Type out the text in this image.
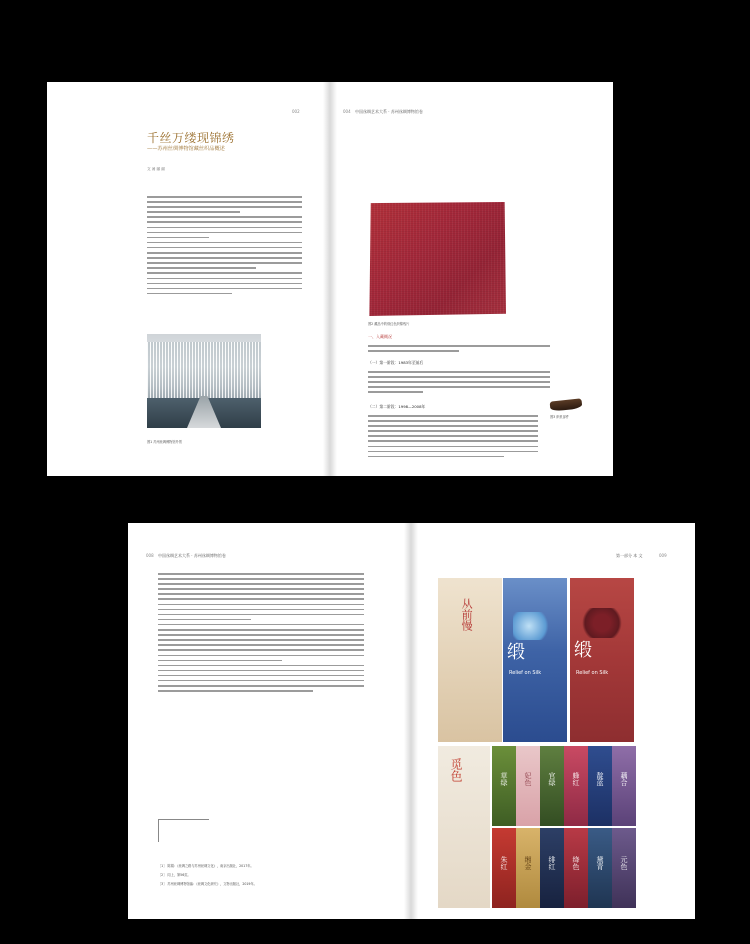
002
千丝万缕现锦绣
——苏州丝绸博物馆藏丝织品概述
文 汤 丽 丽
图1 苏州丝绸博物馆外景
004 中国丝绸艺术大系 · 苏州丝绸博物馆卷
图2 藏品中的绯红色织锦残片
一、入藏概况
（一）第一阶段：1983年至前后
（二）第二阶段：1998—2008年
图3 织机部件
008 中国丝绸艺术大系 · 苏州丝绸博物馆卷
［1］ 陈娟：《丝绸之路与苏州丝绸文化》，南京出版社，2017年。
［2］ 同上，第56页。
［3］ 苏州丝绸博物馆编：《丝绸文化研究》，文物出版社，2019年。
第一部分 本 文	009
从前慢
缎
Relief on Silk
缎
Relief on Silk
觅色	草绿 妃色 官绿 蜂红 靛蓝 藕合
朱红 缃金 绯红 绛色 黛青 元色
